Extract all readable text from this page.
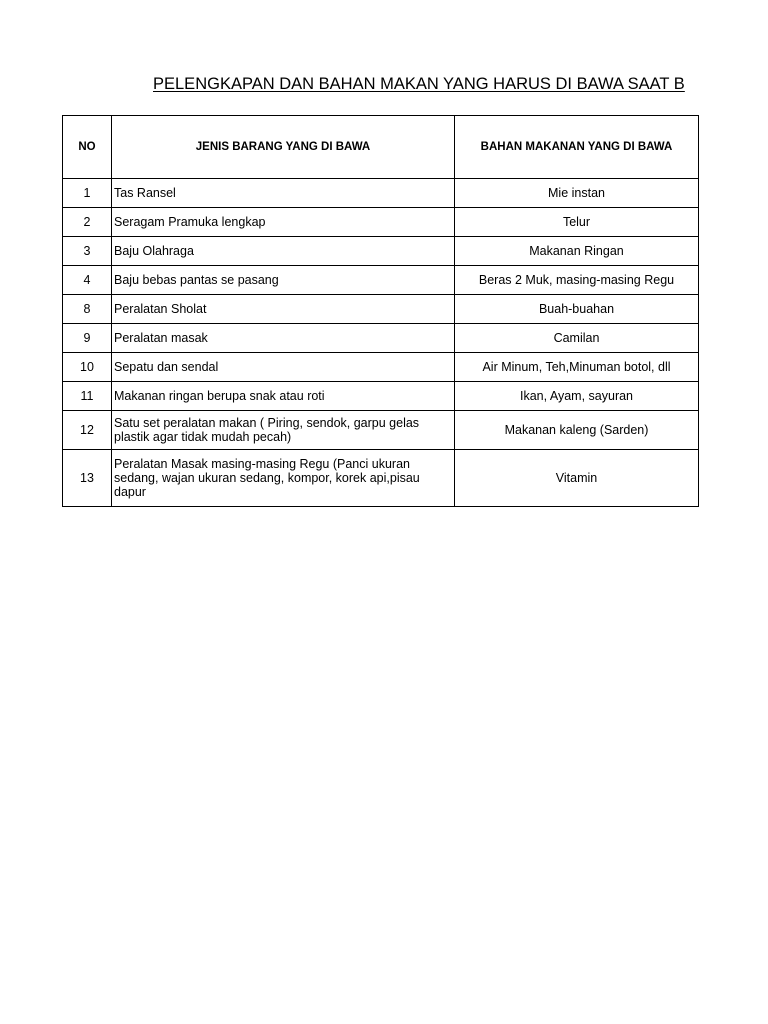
PELENGKAPAN DAN BAHAN MAKAN YANG HARUS DI BAWA SAAT B
NO	JENIS BARANG YANG DI BAWA	BAHAN MAKANAN YANG DI BAWA
1	Tas Ransel	Mie instan
2	Seragam Pramuka lengkap	Telur
3	Baju Olahraga	Makanan Ringan
4	Baju bebas pantas se pasang	Beras 2 Muk, masing-masing Regu
8	Peralatan Sholat	Buah-buahan
9	Peralatan masak	Camilan
10	Sepatu dan sendal	Air Minum, Teh,Minuman botol, dll
11	Makanan ringan berupa snak atau roti	Ikan, Ayam, sayuran
12	Satu set peralatan makan ( Piring, sendok, garpu gelas plastik agar tidak mudah pecah)	Makanan kaleng (Sarden)
13	Peralatan Masak masing-masing Regu (Panci ukuran sedang, wajan ukuran sedang, kompor, korek api,pisau dapur	Vitamin
